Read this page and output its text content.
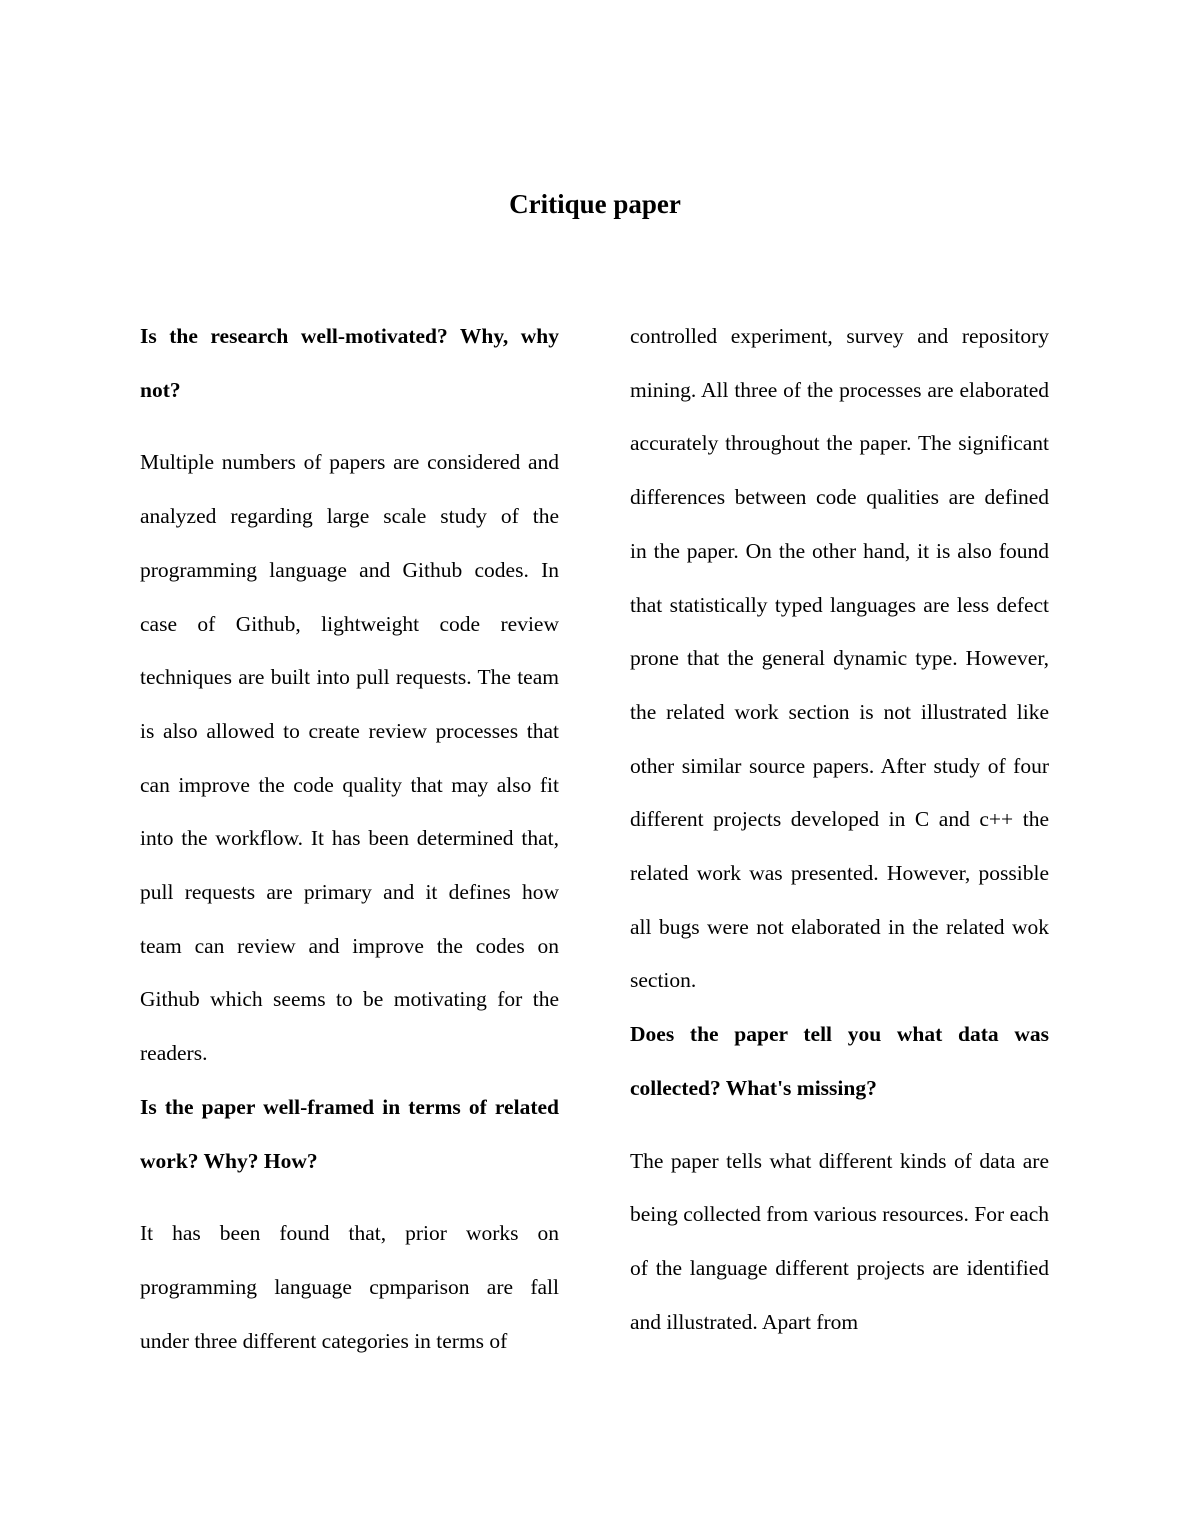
Critique paper
Is the research well-motivated? Why, why not?

Multiple numbers of papers are considered and analyzed regarding large scale study of the programming language and Github codes. In case of Github, lightweight code review techniques are built into pull requests. The team is also allowed to create review processes that can improve the code quality that may also fit into the workflow. It has been determined that, pull requests are primary and it defines how team can review and improve the codes on Github which seems to be motivating for the readers.

Is the paper well-framed in terms of related work? Why? How?

It has been found that, prior works on programming language cpmparison are fall under three different categories in terms of

controlled experiment, survey and repository mining. All three of the processes are elaborated accurately throughout the paper. The significant differences between code qualities are defined in the paper. On the other hand, it is also found that statistically typed languages are less defect prone that the general dynamic type. However, the related work section is not illustrated like other similar source papers. After study of four different projects developed in C and c++ the related work was presented. However, possible all bugs were not elaborated in the related wok section.

Does the paper tell you what data was collected? What's missing?

The paper tells what different kinds of data are being collected from various resources. For each of the language different projects are identified and illustrated. Apart from
